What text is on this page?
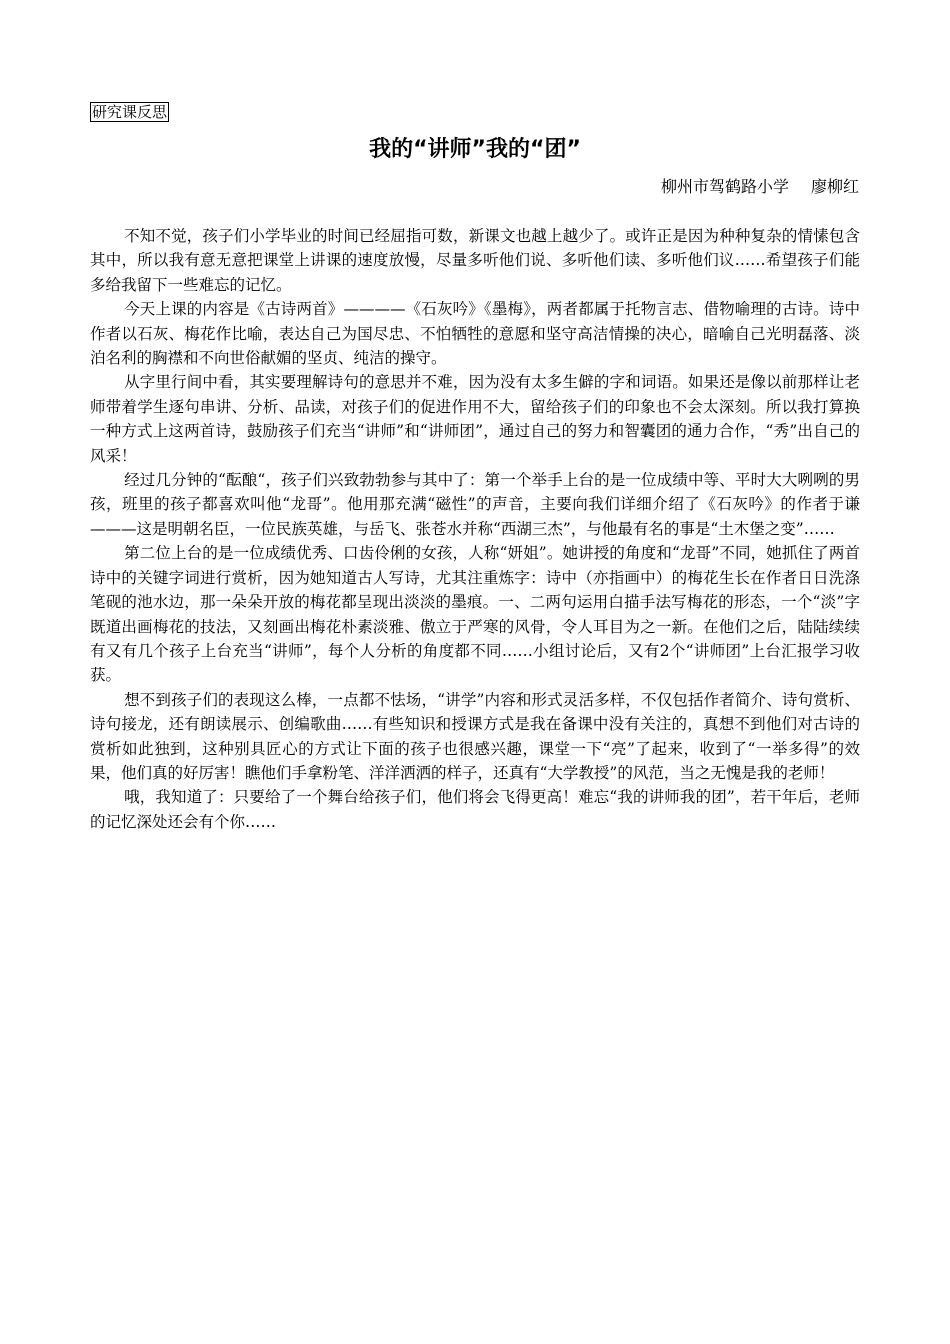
研究课反思
我的“讲师”我的“团”
柳州市驾鹤路小学 廖柳红

不知不觉，孩子们小学毕业的时间已经屈指可数，新课文也越上越少了。或许正是因为种种复杂的情愫包含其中，所以我有意无意把课堂上讲课的速度放慢，尽量多听他们说、多听他们读、多听他们议……希望孩子们能多给我留下一些难忘的记忆。

今天上课的内容是《古诗两首》————《石灰吟》《墨梅》，两者都属于托物言志、借物喻理的古诗。诗中作者以石灰、梅花作比喻，表达自己为国尽忠、不怕牺牲的意愿和坚守高洁情操的决心，暗喻自己光明磊落、淡泊名利的胸襟和不向世俗献媚的坚贞、纯洁的操守。

从字里行间中看，其实要理解诗句的意思并不难，因为没有太多生僻的字和词语。如果还是像以前那样让老师带着学生逐句串讲、分析、品读，对孩子们的促进作用不大，留给孩子们的印象也不会太深刻。所以我打算换一种方式上这两首诗，鼓励孩子们充当“讲师”和“讲师团”，通过自己的努力和智囊团的通力合作，“秀”出自己的风采！

经过几分钟的“酝酿“，孩子们兴致勃勃参与其中了：第一个举手上台的是一位成绩中等、平时大大咧咧的男孩，班里的孩子都喜欢叫他“龙哥”。他用那充满“磁性”的声音，主要向我们详细介绍了《石灰吟》的作者于谦———这是明朝名臣，一位民族英雄，与岳飞、张苍水并称“西湖三杰”，与他最有名的事是“土木堡之变”……

第二位上台的是一位成绩优秀、口齿伶俐的女孩，人称“妍姐”。她讲授的角度和“龙哥”不同，她抓住了两首诗中的关键字词进行赏析，因为她知道古人写诗，尤其注重炼字：诗中（亦指画中）的梅花生长在作者日日洗涤笔砚的池水边，那一朵朵开放的梅花都呈现出淡淡的墨痕。一、二两句运用白描手法写梅花的形态，一个“淡”字既道出画梅花的技法，又刻画出梅花朴素淡雅、傲立于严寒的风骨，令人耳目为之一新。在他们之后，陆陆续续有又有几个孩子上台充当“讲师”，每个人分析的角度都不同……小组讨论后，又有2个“讲师团”上台汇报学习收获。

想不到孩子们的表现这么棒，一点都不怯场，“讲学”内容和形式灵活多样，不仅包括作者简介、诗句赏析、诗句接龙，还有朗读展示、创编歌曲……有些知识和授课方式是我在备课中没有关注的，真想不到他们对古诗的赏析如此独到，这种别具匠心的方式让下面的孩子也很感兴趣，课堂一下“亮”了起来，收到了“一举多得”的效果，他们真的好厉害！瞧他们手拿粉笔、洋洋洒洒的样子，还真有“大学教授”的风范，当之无愧是我的老师！

哦，我知道了：只要给了一个舞台给孩子们，他们将会飞得更高！难忘“我的讲师我的团”，若干年后，老师的记忆深处还会有个你……
